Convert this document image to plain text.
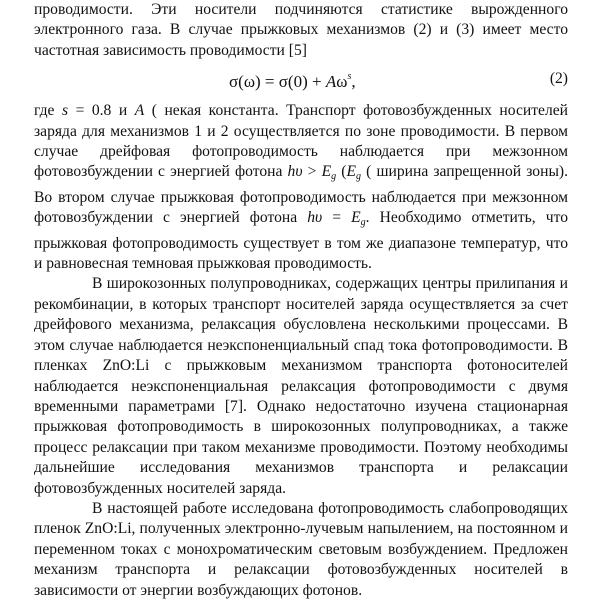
проводимости. Эти носители подчиняются статистике вырожденного электронного газа. В случае прыжковых механизмов (2) и (3) имеет место частотная зависимость проводимости [5]

$\sigma(\omega) = \sigma(0) + A\omega^s$,	(2)

где s = 0.8 и A ( некая константа. Транспорт фотовозбужденных носителей заряда для механизмов 1 и 2 осуществляется по зоне проводимости. В первом случае дрейфовая фотопроводимость наблюдается при межзонном фотовозбуждении с энергией фотона $h\upsilon > E_g$ ($E_g$ ( ширина запрещенной зоны). Во втором случае прыжковая фотопроводимость наблюдается при межзонном фотовозбуждении с энергией фотона $h\upsilon = E_g$. Необходимо отметить, что прыжковая фотопроводимость существует в том же диапазоне температур, что и равновесная темновая прыжковая проводимость.

В широкозонных полупроводниках, содержащих центры прилипания и рекомбинации, в которых транспорт носителей заряда осуществляется за счет дрейфового механизма, релаксация обусловлена несколькими процессами. В этом случае наблюдается неэкспоненциальный спад тока фотопроводимости. В пленках ZnO:Li с прыжковым механизмом транспорта фотоносителей наблюдается неэкспоненциальная релаксация фотопроводимости с двумя временными параметрами [7]. Однако недостаточно изучена стационарная прыжковая фотопроводимость в широкозонных полупроводниках, а также процесс релаксации при таком механизме проводимости. Поэтому необходимы дальнейшие исследования механизмов транспорта и релаксации фотовозбужденных носителей заряда.

В настоящей работе исследована фотопроводимость слабопроводящих пленок ZnO:Li, полученных электронно-лучевым напылением, на постоянном и переменном токах с монохроматическим световым возбуждением. Предложен механизм транспорта и релаксации фотовозбужденных носителей в зависимости от энергии возбуждающих фотонов.
